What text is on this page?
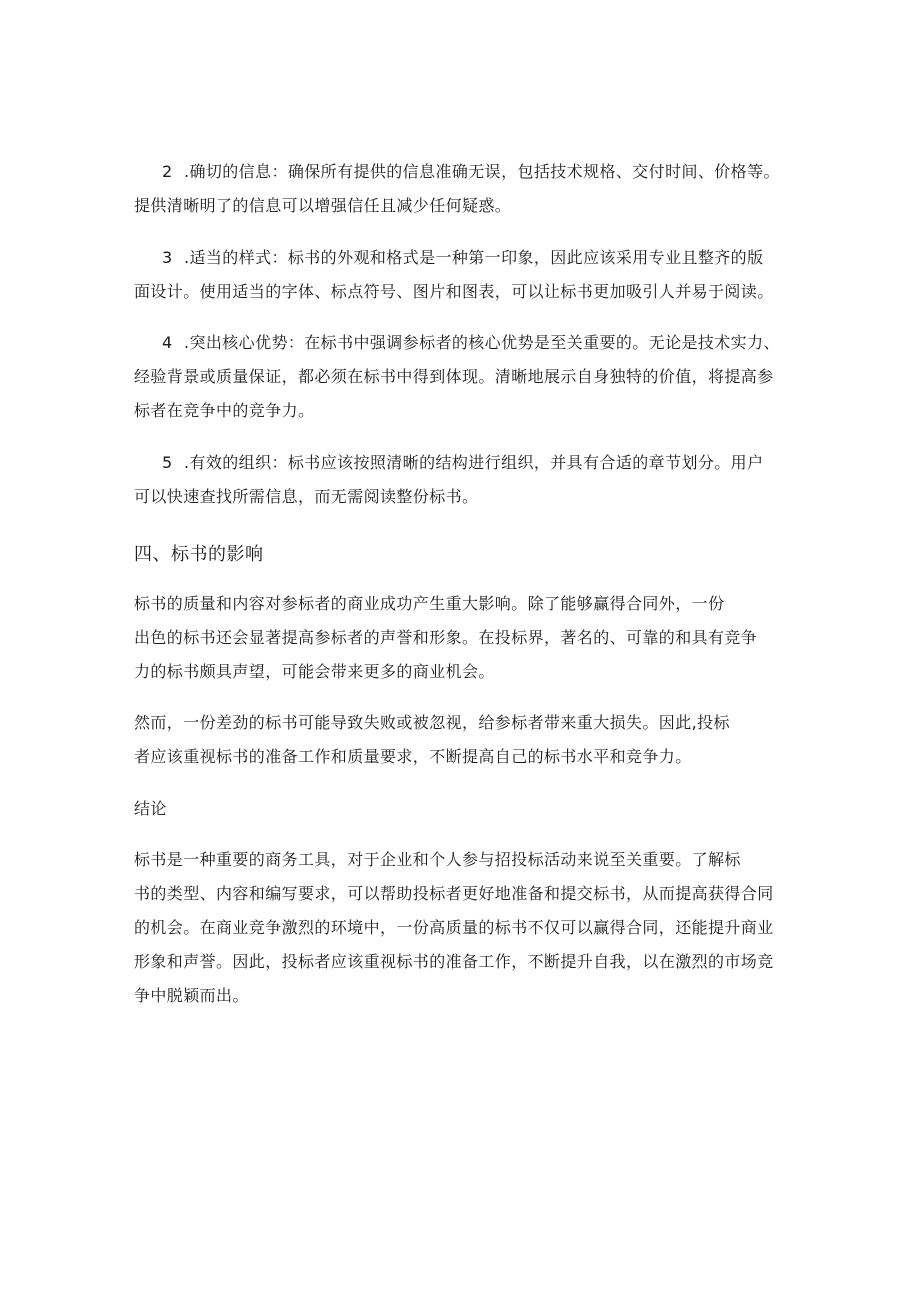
2 .确切的信息：确保所有提供的信息准确无误，包括技术规格、交付时间、价格等。
提供清晰明了的信息可以增强信任且减少任何疑惑。
3 .适当的样式：标书的外观和格式是一种第一印象，因此应该采用专业且整齐的版
面设计。使用适当的字体、标点符号、图片和图表，可以让标书更加吸引人并易于阅读。
4 .突出核心优势：在标书中强调参标者的核心优势是至关重要的。无论是技术实力、
经验背景或质量保证，都必须在标书中得到体现。清晰地展示自身独特的价值，将提高参
标者在竞争中的竞争力。
5 .有效的组织：标书应该按照清晰的结构进行组织，并具有合适的章节划分。用户
可以快速查找所需信息，而无需阅读整份标书。
四、标书的影响
标书的质量和内容对参标者的商业成功产生重大影响。除了能够赢得合同外，一份
出色的标书还会显著提高参标者的声誉和形象。在投标界，著名的、可靠的和具有竞争
力的标书颇具声望，可能会带来更多的商业机会。
然而，一份差劲的标书可能导致失败或被忽视，给参标者带来重大损失。因此,投标
者应该重视标书的准备工作和质量要求，不断提高自己的标书水平和竞争力。
结论
标书是一种重要的商务工具，对于企业和个人参与招投标活动来说至关重要。了解标
书的类型、内容和编写要求，可以帮助投标者更好地准备和提交标书，从而提高获得合同
的机会。在商业竞争激烈的环境中，一份高质量的标书不仅可以赢得合同，还能提升商业
形象和声誉。因此，投标者应该重视标书的准备工作，不断提升自我，以在激烈的市场竞
争中脱颖而出。
